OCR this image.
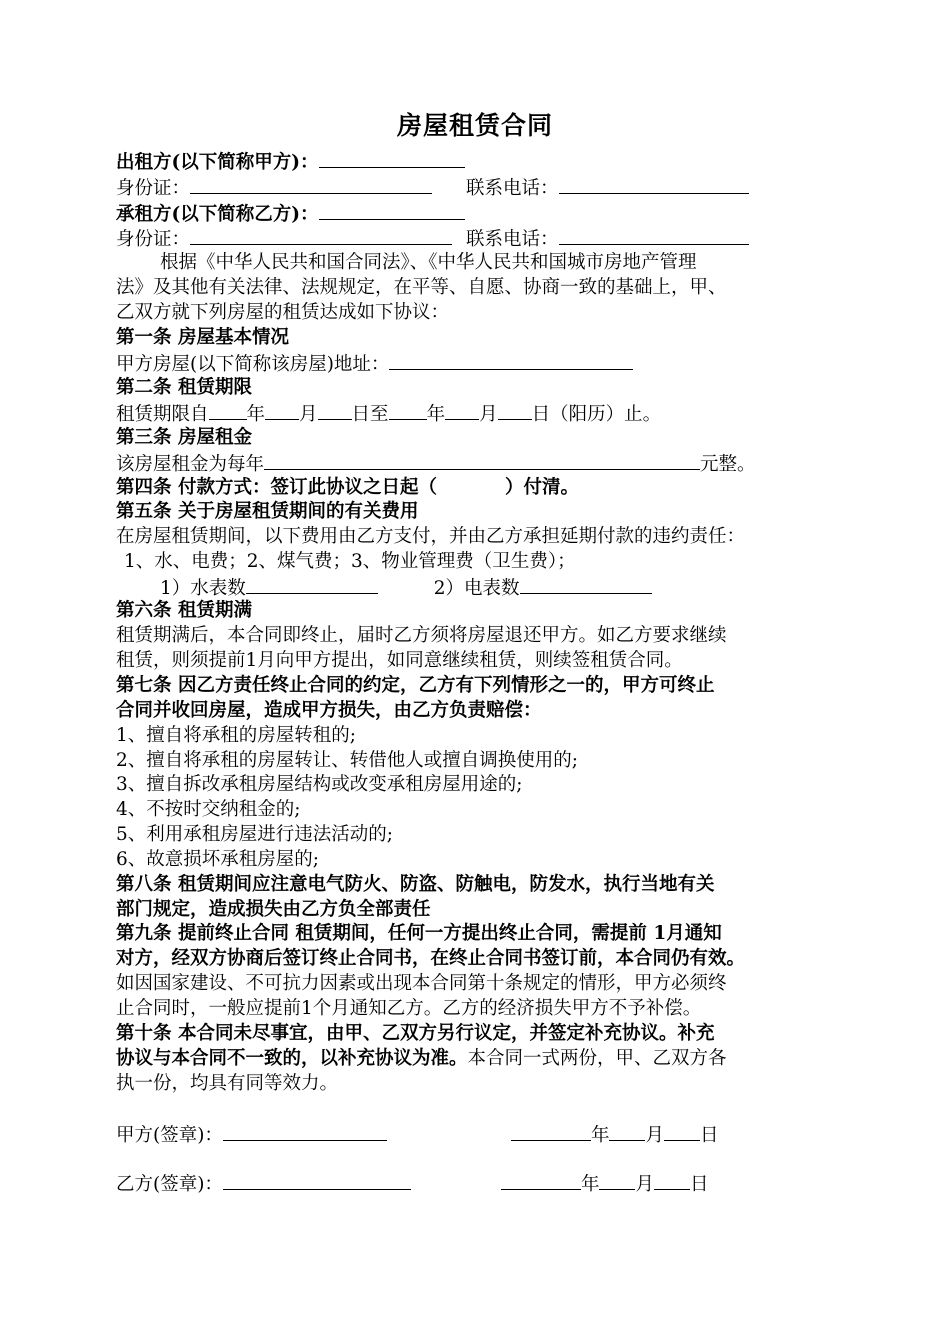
房屋租赁合同
出租方(以下简称甲方)：
身份证：	联系电话：
承租方(以下简称乙方)：
身份证：	联系电话：
根据《中华人民共和国合同法》、《中华人民共和国城市房地产管理
法》及其他有关法律、法规规定，在平等、自愿、协商一致的基础上，甲、
乙双方就下列房屋的租赁达成如下协议：
第一条 房屋基本情况
甲方房屋(以下简称该房屋)地址：
第二条 租赁期限
租赁期限自 年 月 日至 年 月 日（阳历）止。
第三条 房屋租金
该房屋租金为每年	元整。
第四条 付款方式：签订此协议之日起（	）付清。
第五条 关于房屋租赁期间的有关费用
在房屋租赁期间，以下费用由乙方支付，并由乙方承担延期付款的违约责任：
1、水、电费；2、煤气费；3、物业管理费（卫生费）；
1）水表数	2）电表数
第六条 租赁期满
租赁期满后，本合同即终止，届时乙方须将房屋退还甲方。如乙方要求继续
租赁，则须提前1月向甲方提出，如同意继续租赁，则续签租赁合同。
第七条 因乙方责任终止合同的约定，乙方有下列情形之一的，甲方可终止
合同并收回房屋，造成甲方损失，由乙方负责赔偿：
1、擅自将承租的房屋转租的;
2、擅自将承租的房屋转让、转借他人或擅自调换使用的;
3、擅自拆改承租房屋结构或改变承租房屋用途的;
4、不按时交纳租金的;
5、利用承租房屋进行违法活动的;
6、故意损坏承租房屋的;
第八条 租赁期间应注意电气防火、防盗、防触电，防发水，执行当地有关
部门规定，造成损失由乙方负全部责任
第九条 提前终止合同 租赁期间，任何一方提出终止合同，需提前 1月通知
对方，经双方协商后签订终止合同书，在终止合同书签订前，本合同仍有效。
如因国家建设、不可抗力因素或出现本合同第十条规定的情形，甲方必须终
止合同时，一般应提前1个月通知乙方。乙方的经济损失甲方不予补偿。
第十条 本合同未尽事宜，由甲、乙双方另行议定，并签定补充协议。补充
协议与本合同不一致的，以补充协议为准。本合同一式两份，甲、乙双方各
执一份，均具有同等效力。
甲方(签章)：	年 月 日
乙方(签章)：	年 月 日
